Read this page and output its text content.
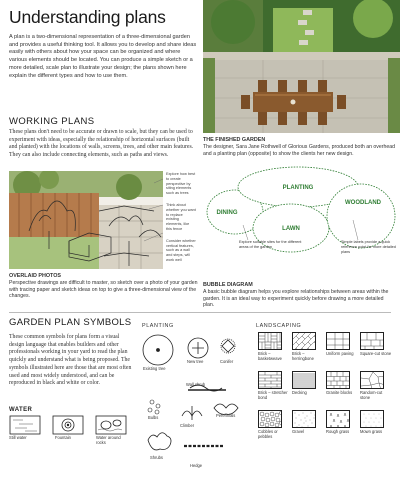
Understanding plans
A plan is a two-dimensional representation of a three-dimensional garden and provides a useful thinking tool. It allows you to develop and share ideas easily with others about how your space can be organized and where various elements should be located. You can produce a simple sketch or a more detailed, scale plan to illustrate your design; the plans shown here explain the different types and how to use them.
THE FINISHED GARDEN
The designer, Sara Jane Rothwell of Glorious Gardens, produced both an overhead and a planting plan (opposite) to show the clients her new design.
WORKING PLANS
These plans don't need to be accurate or drawn to scale, but they can be used to experiment with ideas, especially the relationship of horizontal surfaces (built and planted) with the locations of walls, screens, trees, and other main features. They can also include connecting elements, such as paths and views.
Explore how best to create perspective by siting elements such as trees
Think about whether you want to replace existing elements, like this fence
Consider whether vertical features, such as a wall and steps, will work well
OVERLAID PHOTOS
Perspective drawings are difficult to master, so sketch over a photo of your garden with tracing paper and sketch ideas on top to give a three-dimensional view of the changes.
PLANTING
DINING
LAWN
WOODLAND
Explore suitable sites for the different areas of the garden
Simple labels provide a quick reference point for more detailed plans
BUBBLE DIAGRAM
A basic bubble diagram helps you explore relationships between areas within the garden. It is an ideal way to experiment quickly before drawing a more detailed plan.
GARDEN PLAN SYMBOLS
These common symbols for plans form a visual design language that enables builders and other professionals working in your yard to read the plan quickly and understand what is being proposed. The symbols illustrated here are those that are most often used and most widely understood, and can be reproduced in black and white or color.
PLANTING	LANDSCAPING
Existing tree
New tree	Conifer
Wall shrub
Bulbs
Climber
Perennials
Shrubs
Hedge
WATER
Still water	Fountain	Water around rocks
Brick – basketweave
Brick – herringbone
Uniform paving	Square-cut stone
Brick – stretcher bond
Decking	Granite blocks	Random-cut stone
Cobbles or pebbles
Gravel	Rough grass	Mown grass
